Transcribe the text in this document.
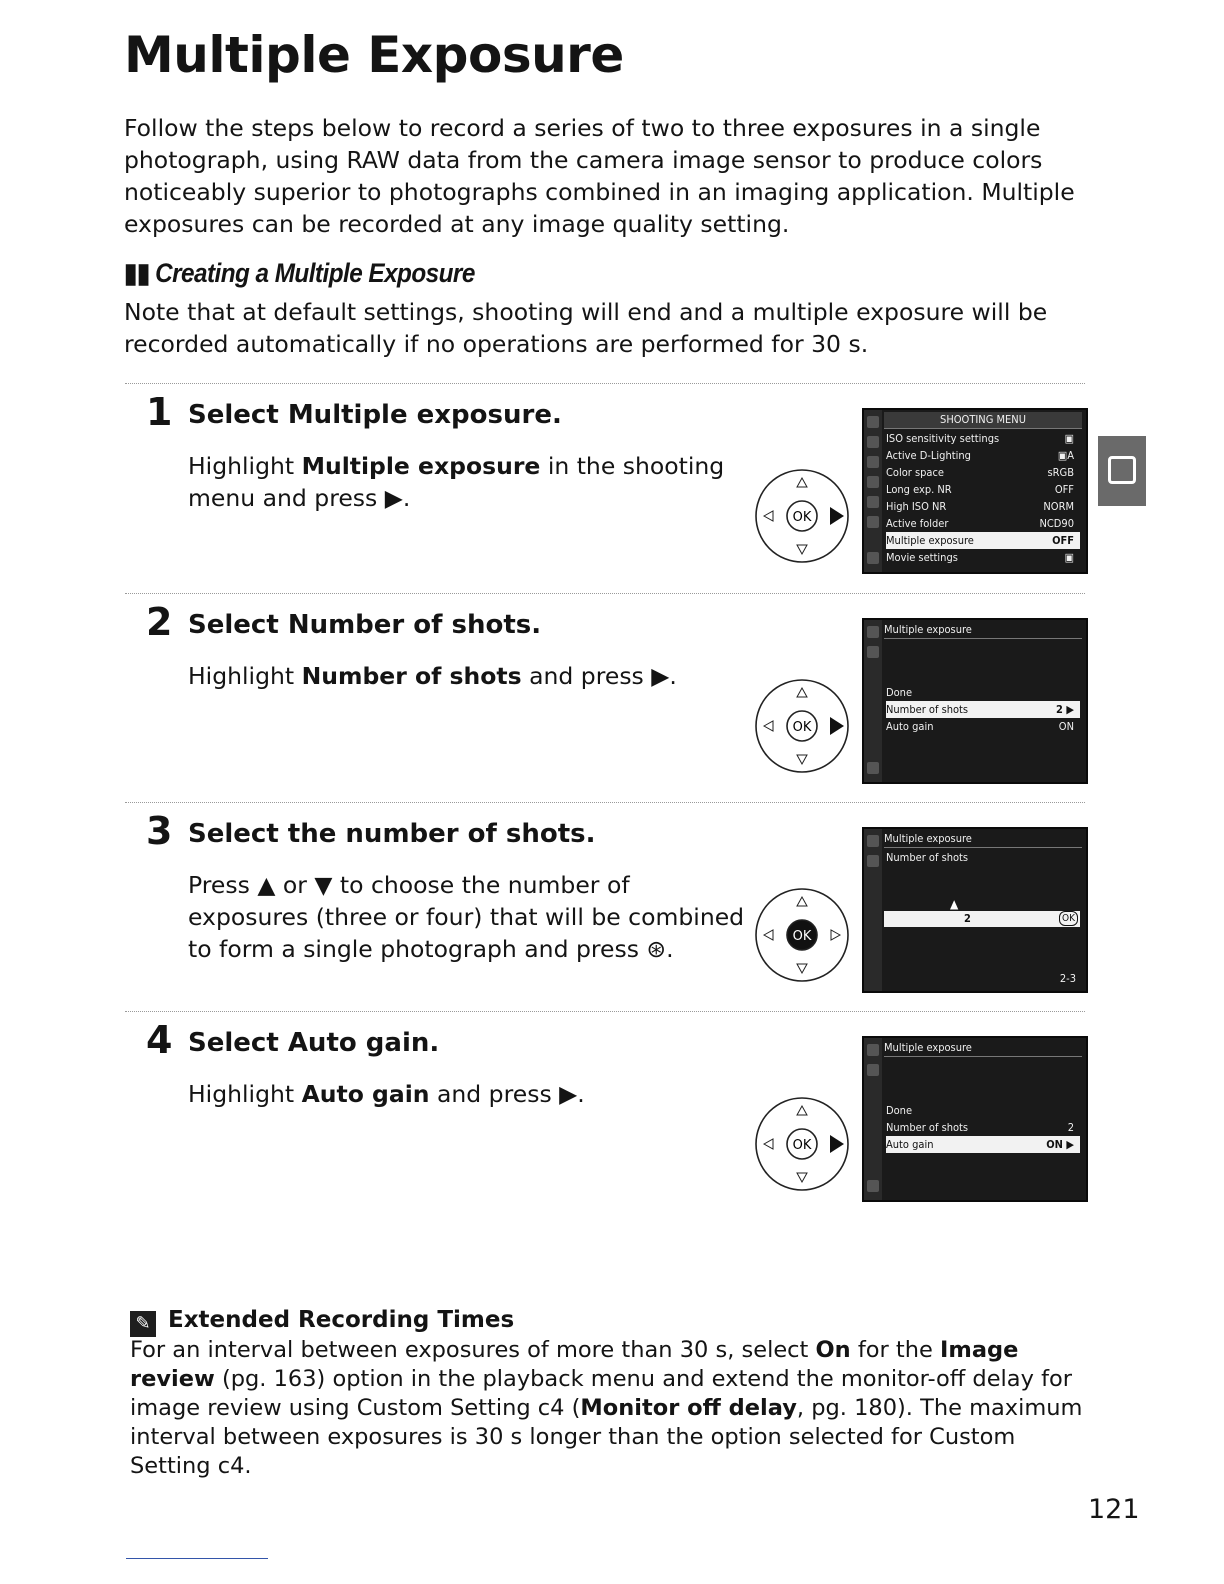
Multiple Exposure

Follow the steps below to record a series of two to three exposures in a single photograph, using RAW data from the camera image sensor to produce colors noticeably superior to photographs combined in an imaging application. Multiple exposures can be recorded at any image quality setting.

▮▮ Creating a Multiple Exposure

Note that at default settings, shooting will end and a multiple exposure will be recorded automatically if no operations are performed for 30 s.

1 Select Multiple exposure.

Highlight Multiple exposure in the shooting menu and press ▶.

OK
SHOOTING MENU
ISO sensitivity settings	▣
Active D-Lighting	▣A
Color space	sRGB
Long exp. NR	OFF
High ISO NR	NORM
Active folder	NCD90
Multiple exposure	OFF
Movie settings	▣
2 Select Number of shots.

Highlight Number of shots and press ▶.

OK
Multiple exposure
Done
Number of shots	2 ▶
Auto gain	ON
3 Select the number of shots.

Press ▲ or ▼ to choose the number of exposures (three or four) that will be combined to form a single photograph and press ⊛.	OK
Multiple exposure
Number of shots
▲
2	OK
2-3
4 Select Auto gain.

Highlight Auto gain and press ▶.

OK
Multiple exposure
Done
Number of shots	2
Auto gain	ON ▶
✎ Extended Recording Times

For an interval between exposures of more than 30 s, select On for the Image review (pg. 163) option in the playback menu and extend the monitor-off delay for image review using Custom Setting c4 (Monitor off delay, pg. 180). The maximum interval between exposures is 30 s longer than the option selected for Custom Setting c4.

121
